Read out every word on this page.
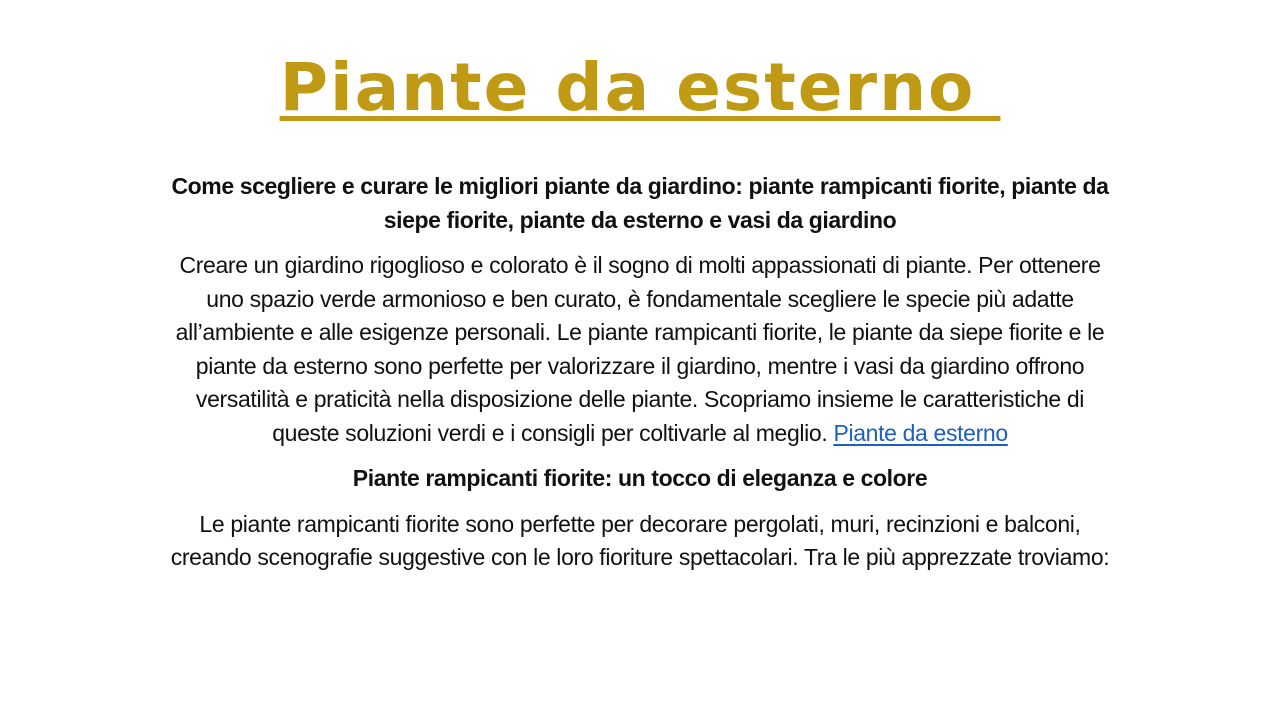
Piante da esterno

Come scegliere e curare le migliori piante da giardino: piante rampicanti fiorite, piante da siepe fiorite, piante da esterno e vasi da giardino

Creare un giardino rigoglioso e colorato è il sogno di molti appassionati di piante. Per ottenere uno spazio verde armonioso e ben curato, è fondamentale scegliere le specie più adatte all’ambiente e alle esigenze personali. Le piante rampicanti fiorite, le piante da siepe fiorite e le piante da esterno sono perfette per valorizzare il giardino, mentre i vasi da giardino offrono versatilità e praticità nella disposizione delle piante. Scopriamo insieme le caratteristiche di queste soluzioni verdi e i consigli per coltivarle al meglio. Piante da esterno

Piante rampicanti fiorite: un tocco di eleganza e colore

Le piante rampicanti fiorite sono perfette per decorare pergolati, muri, recinzioni e balconi, creando scenografie suggestive con le loro fioriture spettacolari. Tra le più apprezzate troviamo:
